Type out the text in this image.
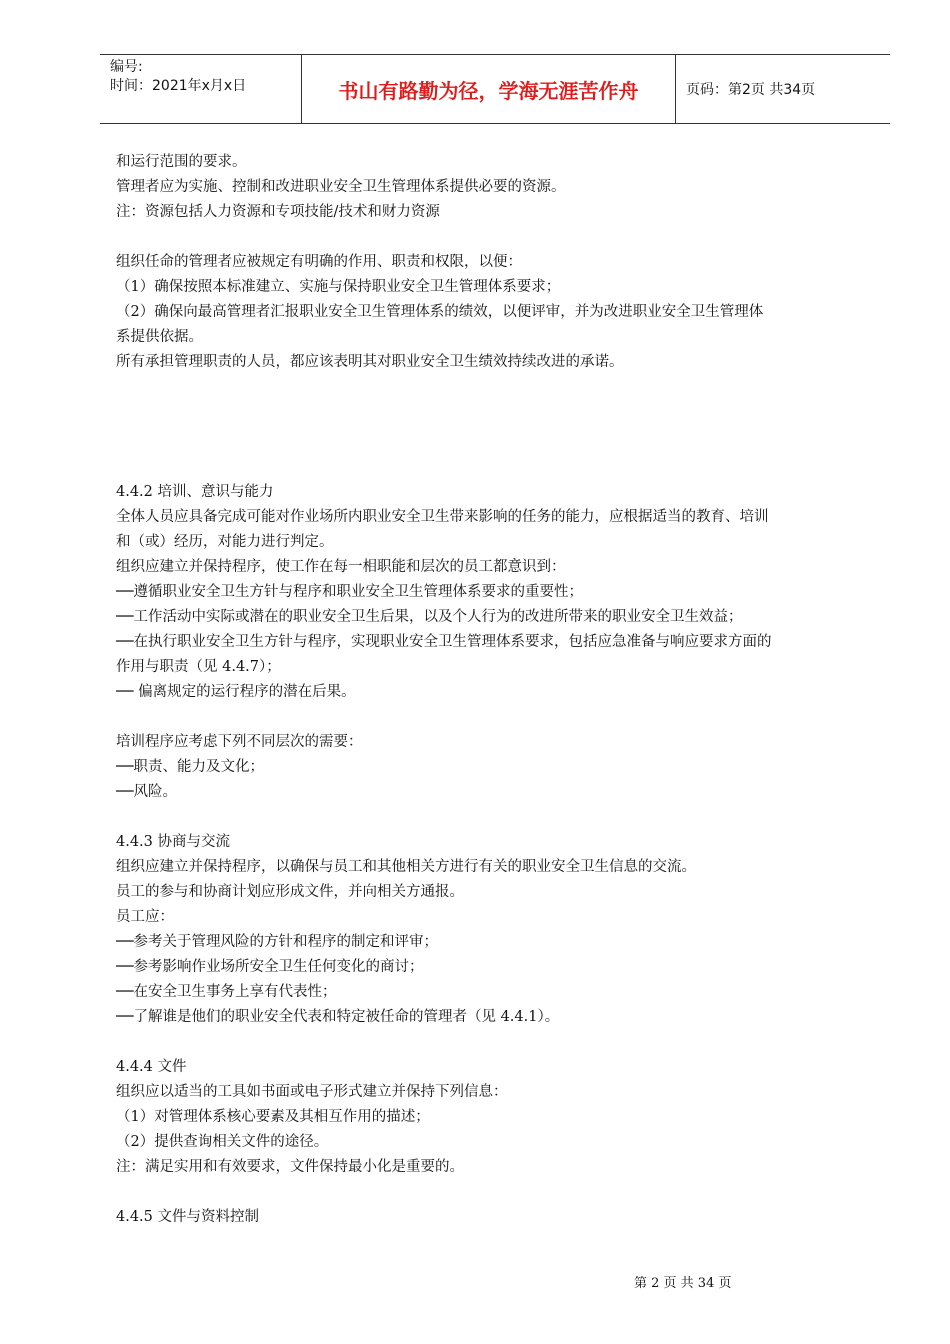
编号:
时间：2021年x月x日	书山有路勤为径，学海无涯苦作舟	页码：第2页 共34页

和运行范围的要求。

管理者应为实施、控制和改进职业安全卫生管理体系提供必要的资源。

注：资源包括人力资源和专项技能/技术和财力资源

组织任命的管理者应被规定有明确的作用、职责和权限，以便：

（1）确保按照本标准建立、实施与保持职业安全卫生管理体系要求；

（2）确保向最高管理者汇报职业安全卫生管理体系的绩效，以便评审，并为改进职业安全卫生管理体

系提供依据。

所有承担管理职责的人员，都应该表明其对职业安全卫生绩效持续改进的承诺。

4.4.2 培训、意识与能力

全体人员应具备完成可能对作业场所内职业安全卫生带来影响的任务的能力，应根据适当的教育、培训

和（或）经历，对能力进行判定。

组织应建立并保持程序，使工作在每一相职能和层次的员工都意识到：

──遵循职业安全卫生方针与程序和职业安全卫生管理体系要求的重要性；

──工作活动中实际或潜在的职业安全卫生后果，以及个人行为的改进所带来的职业安全卫生效益；

──在执行职业安全卫生方针与程序，实现职业安全卫生管理体系要求，包括应急准备与响应要求方面的

作用与职责（见 4.4.7）；

── 偏离规定的运行程序的潜在后果。

培训程序应考虑下列不同层次的需要：

──职责、能力及文化；

──风险。

4.4.3 协商与交流

组织应建立并保持程序，以确保与员工和其他相关方进行有关的职业安全卫生信息的交流。

员工的参与和协商计划应形成文件，并向相关方通报。

员工应：

──参考关于管理风险的方针和程序的制定和评审；

──参考影响作业场所安全卫生任何变化的商讨；

──在安全卫生事务上享有代表性；

──了解谁是他们的职业安全代表和特定被任命的管理者（见 4.4.1）。

4.4.4 文件

组织应以适当的工具如书面或电子形式建立并保持下列信息：

（1）对管理体系核心要素及其相互作用的描述；

（2）提供查询相关文件的途径。

注：满足实用和有效要求，文件保持最小化是重要的。

4.4.5 文件与资料控制

第 2 页 共 34 页
